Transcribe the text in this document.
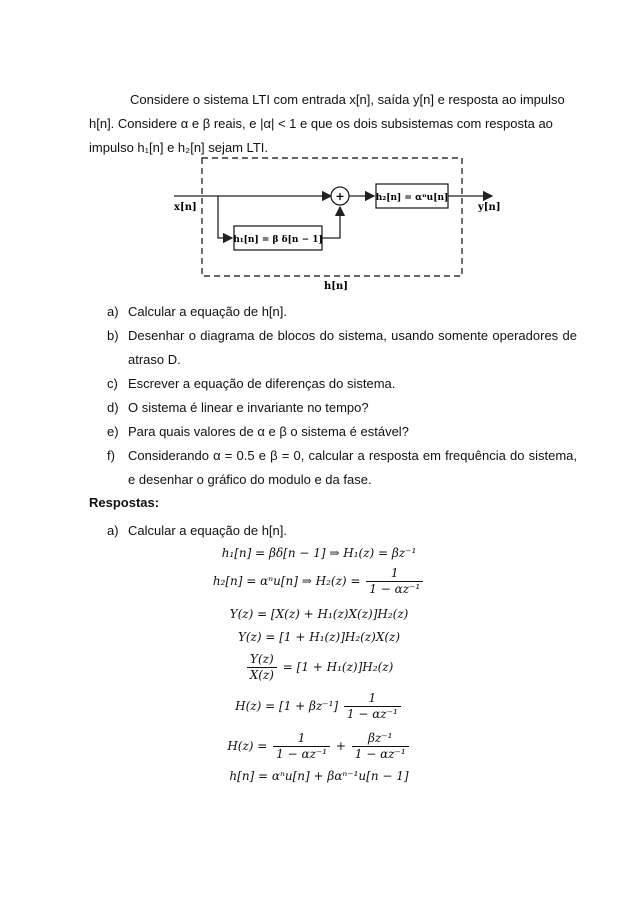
Considere o sistema LTI com entrada x[n], saída y[n] e resposta ao impulso
h[n]. Considere α e β reais, e |α| < 1 e que os dois subsistemas com resposta ao
impulso h₁[n] e h₂[n] sejam LTI.
x[n]	y[n]
+	h₂[n] = αⁿu[n]
h₁[n] = β δ[n − 1]
h[n]
a) Calcular a equação de h[n].
b) Desenhar o diagrama de blocos do sistema, usando somente operadores de atraso D.
c) Escrever a equação de diferenças do sistema.
d) O sistema é linear e invariante no tempo?
e) Para quais valores de α e β o sistema é estável?
f) Considerando α = 0.5 e β = 0, calcular a resposta em frequência do sistema, e desenhar o gráfico do modulo e da fase.
Respostas:
a) Calcular a equação de h[n].
h₁[n] = βδ[n − 1] ⇒ H₁(z) = βz⁻¹
h₂[n] = αⁿu[n] ⇒ $H_2(z) = \frac{1}{\text{1 − αz⁻¹}}$
Y(z) = [X(z) + H₁(z)X(z)]H₂(z)
Y(z) = [1 + H₁(z)]H₂(z)X(z)
$\frac{Y(z)}{X(z)} = [1 + H_1(z)]H_2(z)$
$H(z) = [1 + \beta z^{-1}] \frac{1}{\text{1 − αz⁻¹}}$
$H(z) = \frac{1}{\text{1 − αz⁻¹}} + \frac{\text{βz⁻¹}}{\text{1 − αz⁻¹}}$
h[n] = αⁿu[n] + βαⁿ⁻¹u[n − 1]
